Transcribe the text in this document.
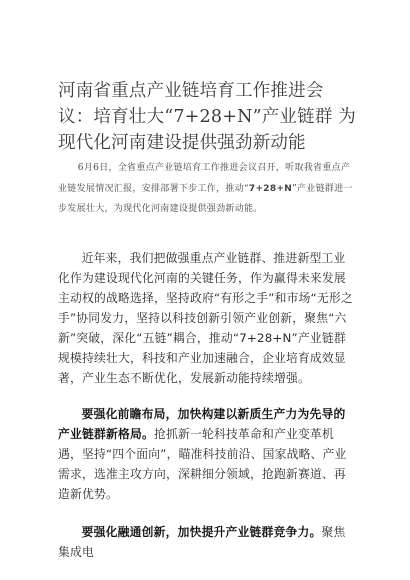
河南省重点产业链培育工作推进会议：培育壮大“7+28+N”产业链群 为现代化河南建设提供强劲新动能

6月6日，全省重点产业链培育工作推进会议召开，听取我省重点产业链发展情况汇报，安排部署下步工作，推动“7+28+N”产业链群进一步发展壮大，为现代化河南建设提供强劲新动能。

近年来，我们把做强重点产业链群、推进新型工业化作为建设现代化河南的关键任务，作为赢得未来发展主动权的战略选择，坚持政府“有形之手”和市场“无形之手”协同发力，坚持以科技创新引领产业创新，聚焦“六新”突破，深化“五链”耦合，推动“7+28+N”产业链群规模持续壮大，科技和产业加速融合，企业培育成效显著，产业生态不断优化，发展新动能持续增强。

要强化前瞻布局，加快构建以新质生产力为先导的产业链群新格局。抢抓新一轮科技革命和产业变革机遇，坚持“四个面向”，瞄准科技前沿、国家战略、产业需求，选准主攻方向，深耕细分领域，抢跑新赛道、再造新优势。

要强化融通创新，加快提升产业链群竞争力。聚焦集成电
